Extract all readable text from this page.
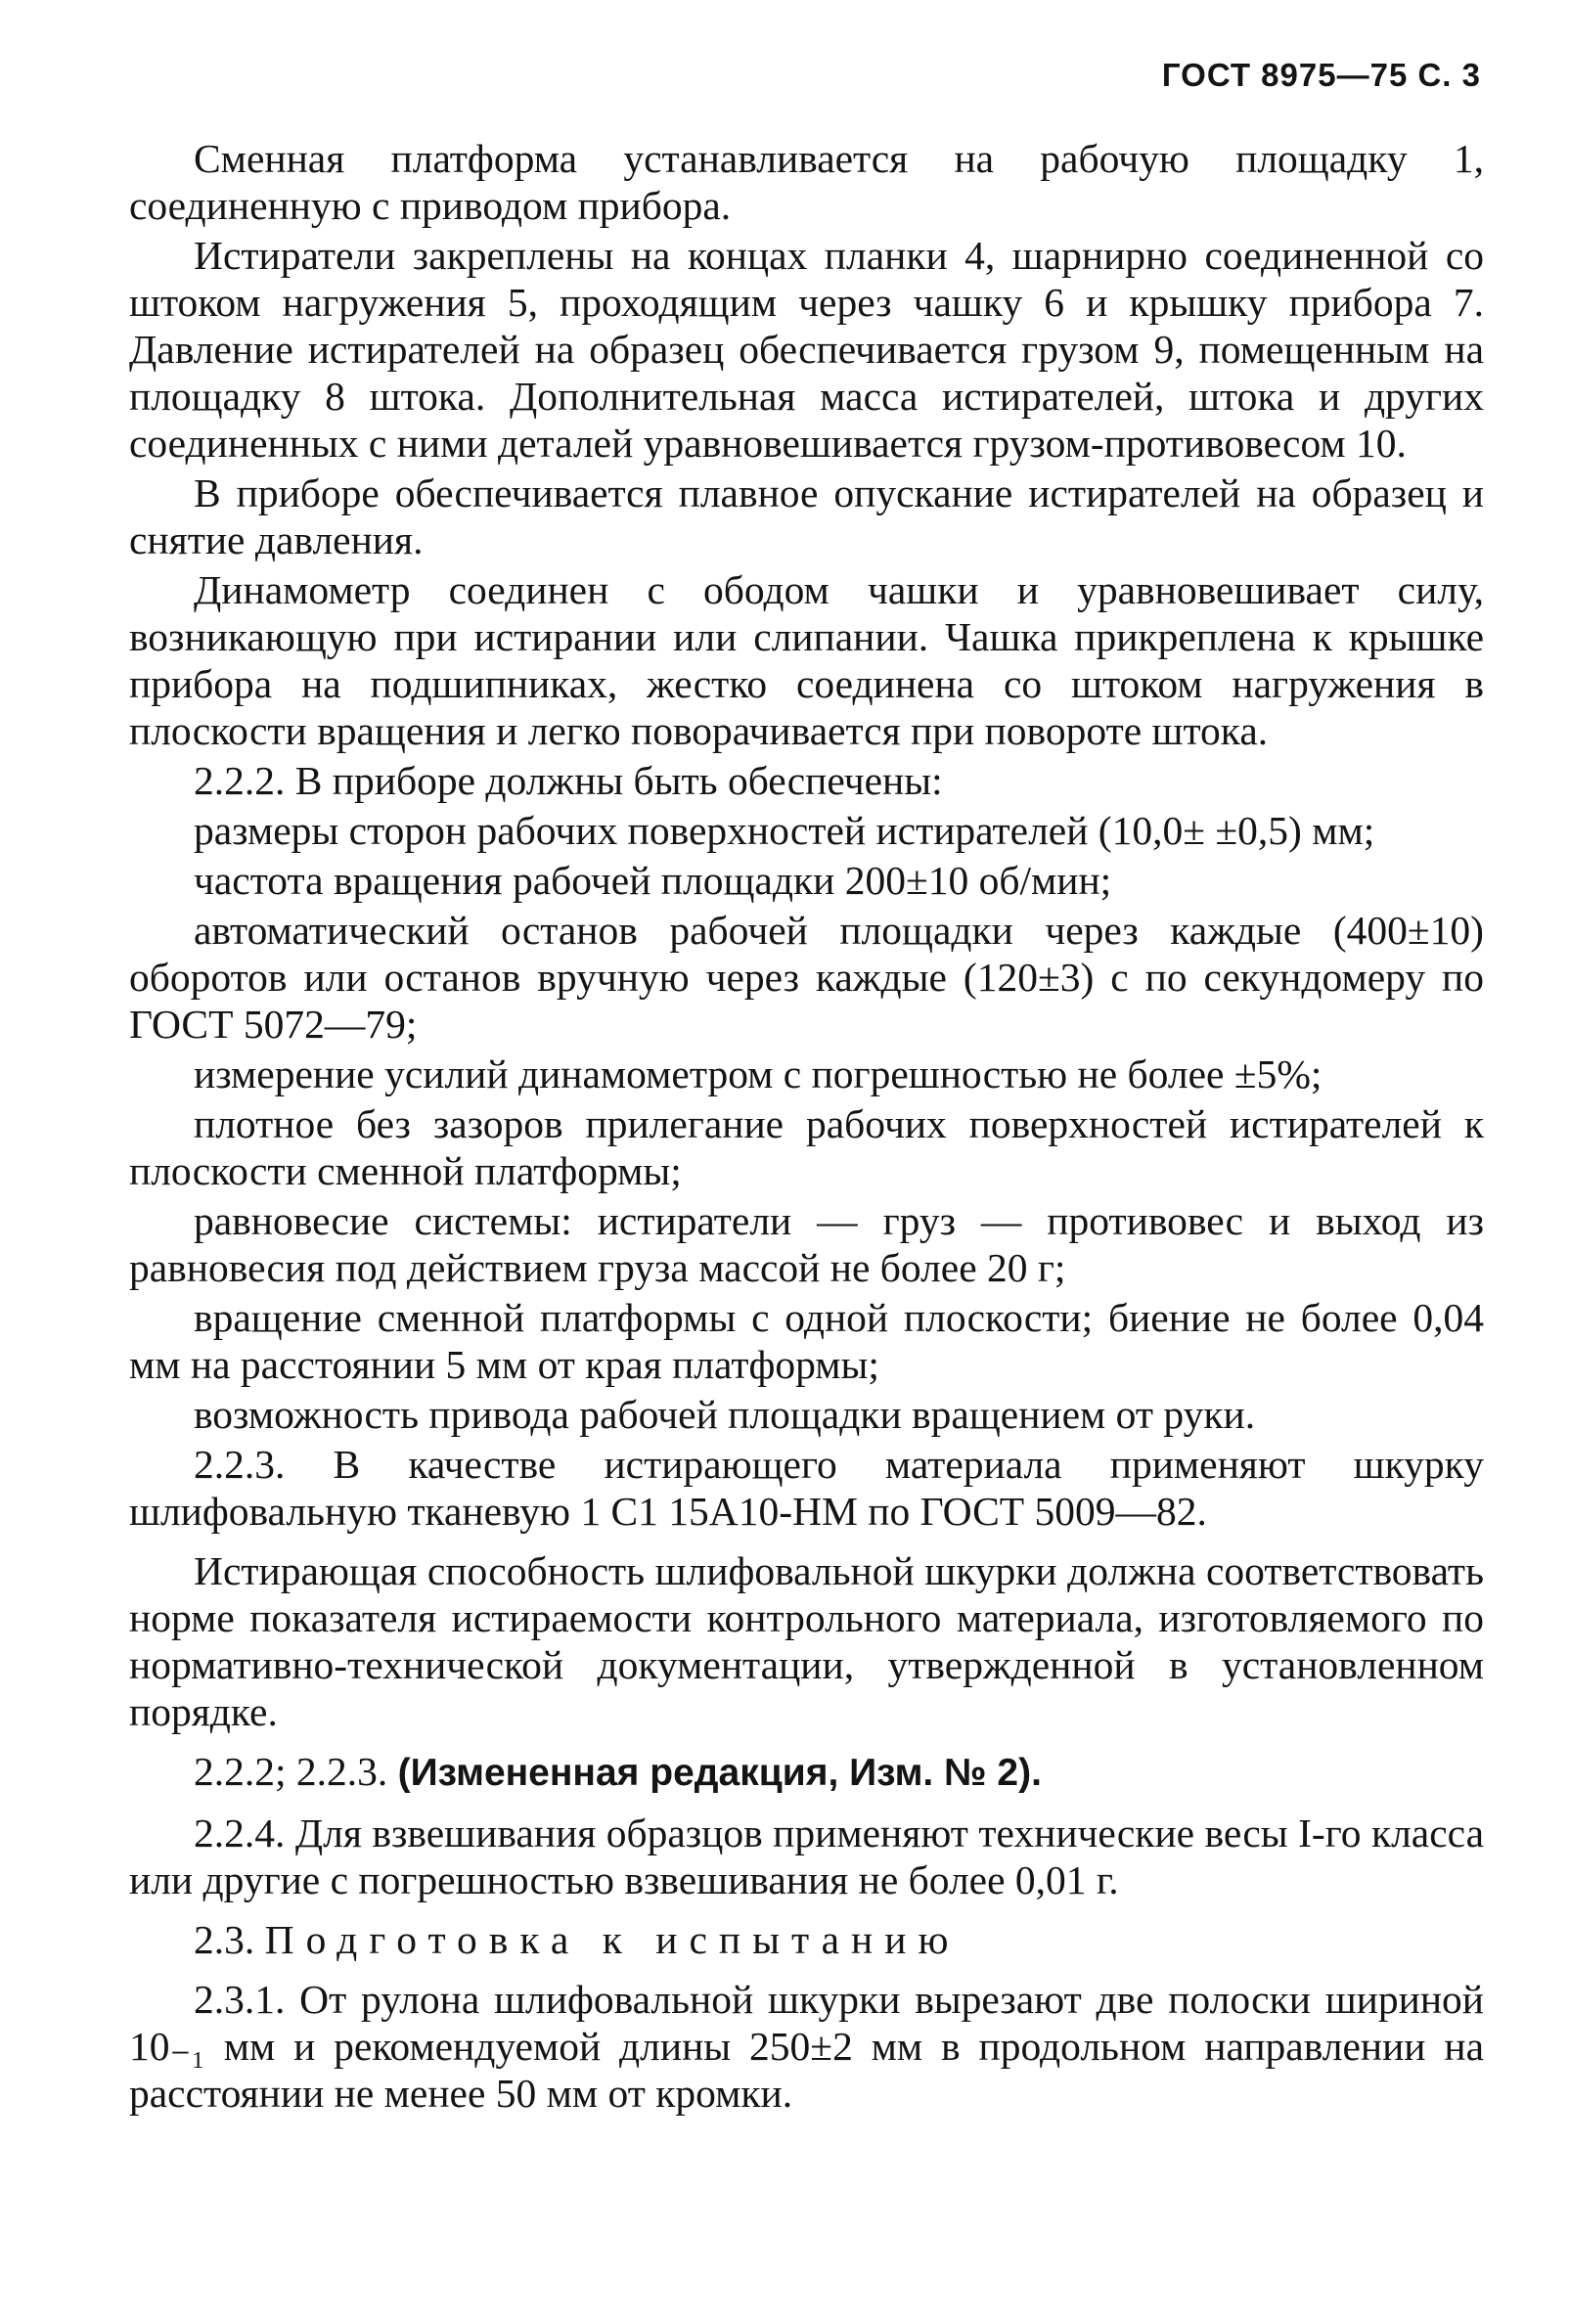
ГОСТ 8975—75 С. 3

Сменная платформа устанавливается на рабочую площадку 1, соединенную с приводом прибора.

Истиратели закреплены на концах планки 4, шарнирно соединенной со штоком нагружения 5, проходящим через чашку 6 и крышку прибора 7. Давление истирателей на образец обеспечивается грузом 9, помещенным на площадку 8 штока. Дополнительная масса истирателей, штока и других соединенных с ними деталей уравновешивается грузом-противовесом 10.

В приборе обеспечивается плавное опускание истирателей на образец и снятие давления.

Динамометр соединен с ободом чашки и уравновешивает силу, возникающую при истирании или слипании. Чашка прикреплена к крышке прибора на подшипниках, жестко соединена со штоком нагружения в плоскости вращения и легко поворачивается при повороте штока.

2.2.2. В приборе должны быть обеспечены:

размеры сторон рабочих поверхностей истирателей (10,0± ±0,5) мм;

частота вращения рабочей площадки 200±10 об/мин;

автоматический останов рабочей площадки через каждые (400±10) оборотов или останов вручную через каждые (120±3) с по секундомеру по ГОСТ 5072—79;

измерение усилий динамометром с погрешностью не более ±5%;

плотное без зазоров прилегание рабочих поверхностей истирателей к плоскости сменной платформы;

равновесие системы: истиратели — груз — противовес и выход из равновесия под действием груза массой не более 20 г;

вращение сменной платформы с одной плоскости; биение не более 0,04 мм на расстоянии 5 мм от края платформы;

возможность привода рабочей площадки вращением от руки.

2.2.3. В качестве истирающего материала применяют шкурку шлифовальную тканевую 1 С1 15А10-НМ по ГОСТ 5009—82.

Истирающая способность шлифовальной шкурки должна соответствовать норме показателя истираемости контрольного материала, изготовляемого по нормативно-технической документации, утвержденной в установленном порядке.

2.2.2; 2.2.3. (Измененная редакция, Изм. № 2).

2.2.4. Для взвешивания образцов применяют технические весы I-го класса или другие с погрешностью взвешивания не более 0,01 г.

2.3. Подготовка к испытанию

2.3.1. От рулона шлифовальной шкурки вырезают две полоски шириной 10₋₁ мм и рекомендуемой длины 250±2 мм в продольном направлении на расстоянии не менее 50 мм от кромки.
